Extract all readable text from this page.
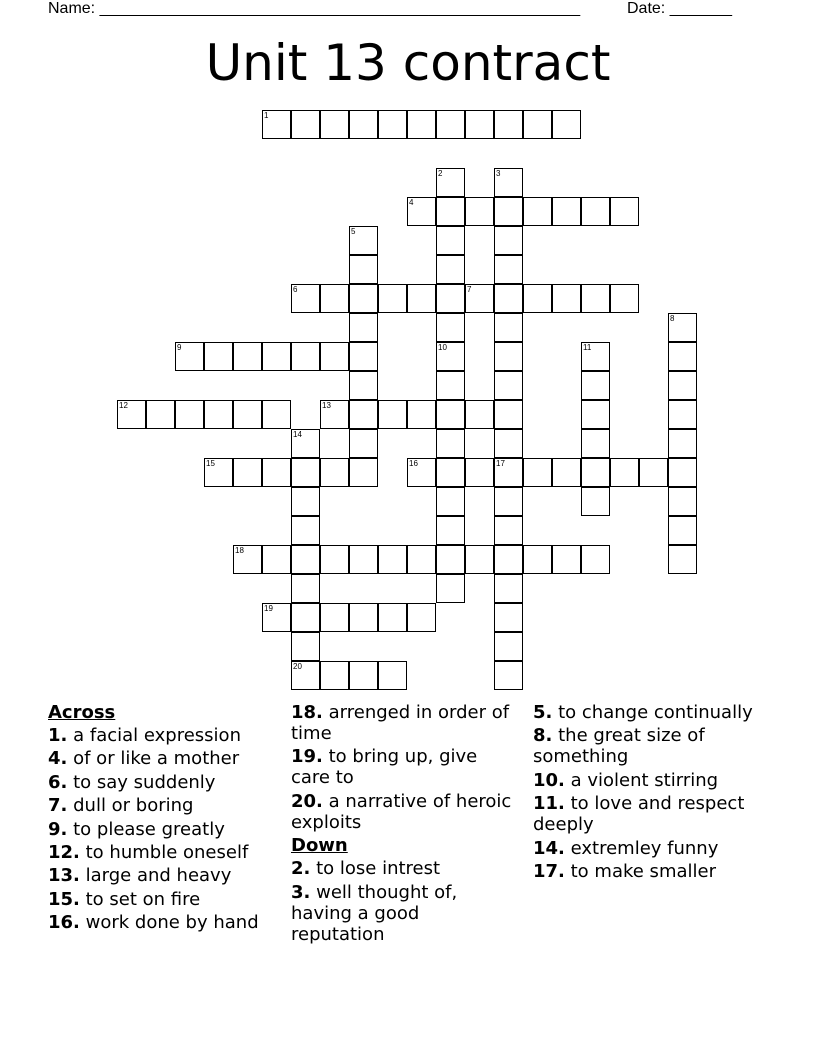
Name: ______________________________________________________	Date: _______
Unit 13 contract
1
2
10
3
17
4
5
6	7
8
9	11
12	13
14
15	16
18
19
20
Across
1. a facial expression
4. of or like a mother
6. to say suddenly
7. dull or boring
9. to please greatly
12. to humble oneself
13. large and heavy
15. to set on fire
16. work done by hand
18. arrenged in order of time
19. to bring up, give care to
20. a narrative of heroic exploits
Down
2. to lose intrest
3. well thought of, having a good reputation
5. to change continually
8. the great size of something
10. a violent stirring
11. to love and respect deeply
14. extremley funny
17. to make smaller
